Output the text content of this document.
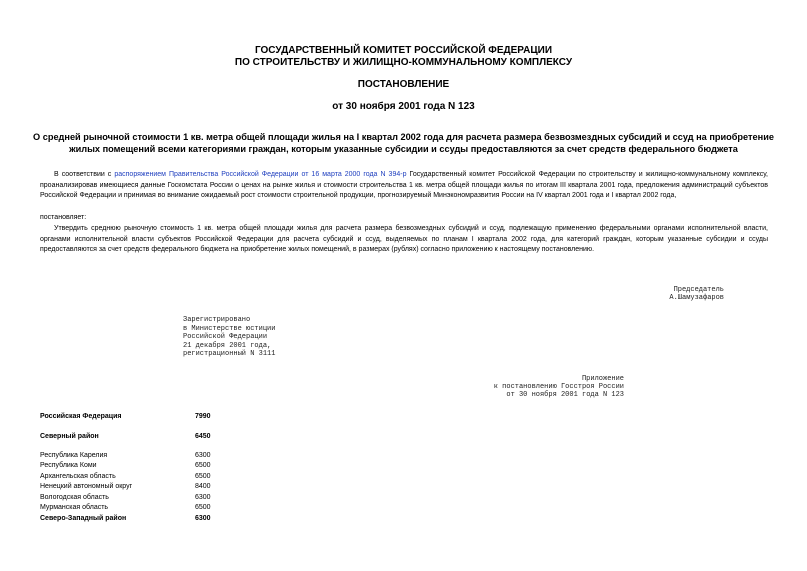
ГОСУДАРСТВЕННЫЙ КОМИТЕТ РОССИЙСКОЙ ФЕДЕРАЦИИ
ПО СТРОИТЕЛЬСТВУ И ЖИЛИЩНО-КОММУНАЛЬНОМУ КОМПЛЕКСУ
ПОСТАНОВЛЕНИЕ
от 30 ноября 2001 года N 123
О средней рыночной стоимости 1 кв. метра общей площади жилья на I квартал 2002 года для расчета размера безвозмездных субсидий и ссуд на приобретение
жилых помещений всеми категориями граждан, которым указанные субсидии и ссуды предоставляются за счет средств федерального бюджета
В соответствии с распоряжением Правительства Российской Федерации от 16 марта 2000 года N 394-р Государственный комитет Российской Федерации по строительству и жилищно-коммунальному комплексу, проанализировав имеющиеся данные Госкомстата России о ценах на рынке жилья и стоимости строительства 1 кв. метра общей площади жилья по итогам III квартала 2001 года, предложения администраций субъектов Российской Федерации и принимая во внимание ожидаемый рост стоимости строительной продукции, прогнозируемый Минэкономразвития России на IV квартал 2001 года и I квартал 2002 года,
постановляет:
Утвердить среднюю рыночную стоимость 1 кв. метра общей площади жилья для расчета размера безвозмездных субсидий и ссуд, подлежащую применению федеральными органами исполнительной власти, органами исполнительной власти субъектов Российской Федерации для расчета субсидий и ссуд, выделяемых по планам I квартала 2002 года, для категорий граждан, которым указанные субсидии и ссуды предоставляются за счет средств федерального бюджета на приобретение жилых помещений, в размерах (рублях) согласно приложению к настоящему постановлению.
Председатель
А.Шамузафаров
Зарегистрировано
в Министерстве юстиции
Российской Федерации
21 декабря 2001 года,
регистрационный N 3111
Приложение
к постановлению Госстроя России
от 30 ноября 2001 года N 123
Российская Федерация	7990
Северный район	6450
Республика Карелия	6300
Республика Коми	6500
Архангельская область	6500
Ненецкий автономный округ	8400
Вологодская область	6300
Мурманская область	6500
Северо-Западный район	6300
